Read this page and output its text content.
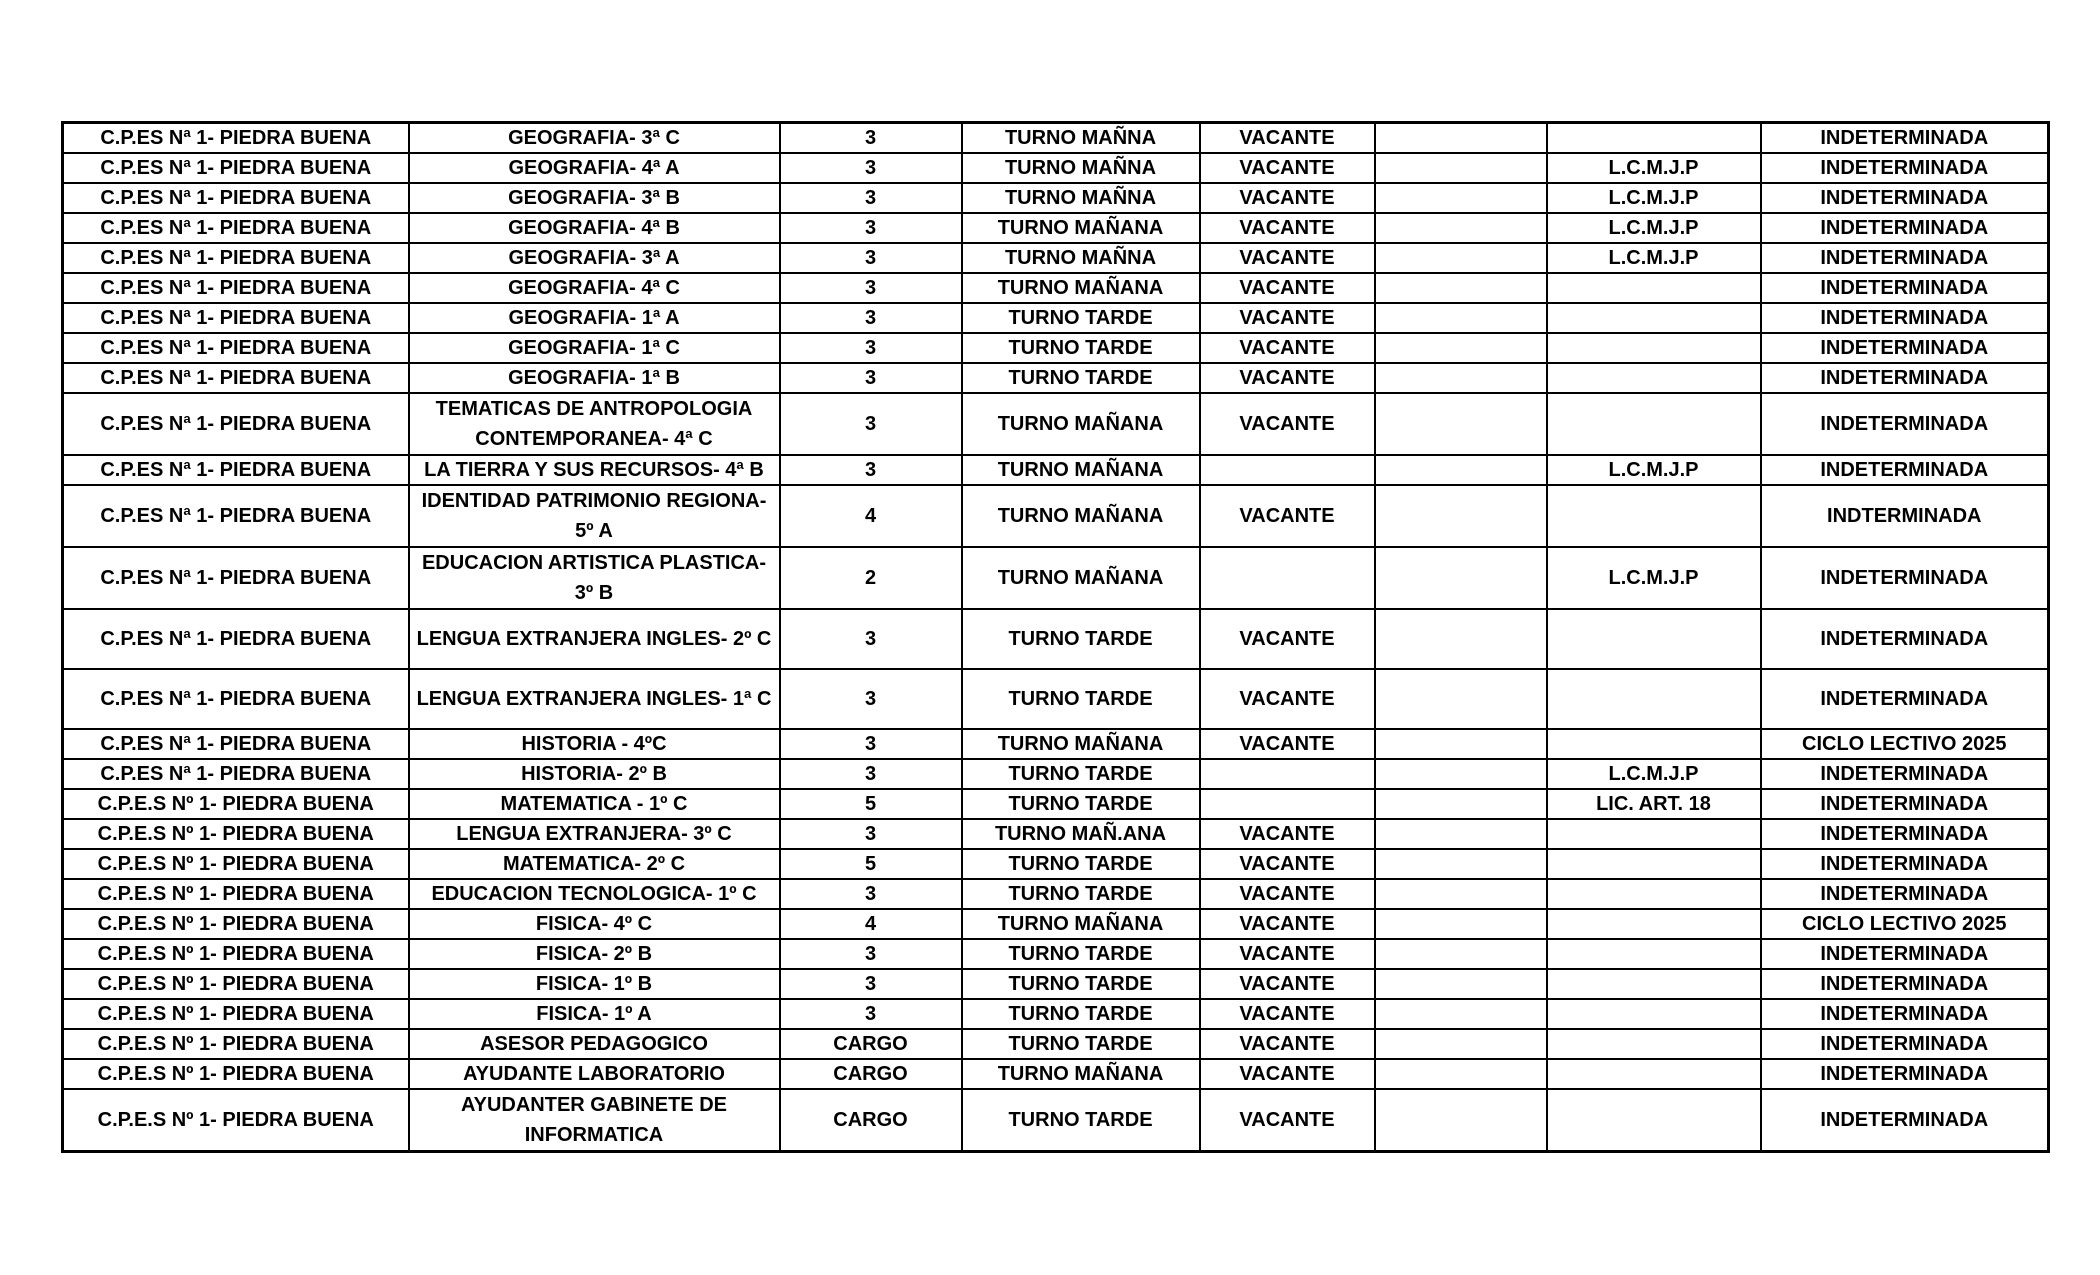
C.P.ES Nª 1- PIEDRA BUENA	GEOGRAFIA- 3ª C	3	TURNO MAÑNA	VACANTE			INDETERMINADA
C.P.ES Nª 1- PIEDRA BUENA	GEOGRAFIA- 4ª A	3	TURNO MAÑNA	VACANTE		L.C.M.J.P	INDETERMINADA
C.P.ES Nª 1- PIEDRA BUENA	GEOGRAFIA- 3ª B	3	TURNO MAÑNA	VACANTE		L.C.M.J.P	INDETERMINADA
C.P.ES Nª 1- PIEDRA BUENA	GEOGRAFIA- 4ª B	3	TURNO MAÑANA	VACANTE		L.C.M.J.P	INDETERMINADA
C.P.ES Nª 1- PIEDRA BUENA	GEOGRAFIA- 3ª A	3	TURNO MAÑNA	VACANTE		L.C.M.J.P	INDETERMINADA
C.P.ES Nª 1- PIEDRA BUENA	GEOGRAFIA- 4ª C	3	TURNO MAÑANA	VACANTE			INDETERMINADA
C.P.ES Nª 1- PIEDRA BUENA	GEOGRAFIA- 1ª A	3	TURNO TARDE	VACANTE			INDETERMINADA
C.P.ES Nª 1- PIEDRA BUENA	GEOGRAFIA- 1ª C	3	TURNO TARDE	VACANTE			INDETERMINADA
C.P.ES Nª 1- PIEDRA BUENA	GEOGRAFIA- 1ª B	3	TURNO TARDE	VACANTE			INDETERMINADA
C.P.ES Nª 1- PIEDRA BUENA	TEMATICAS DE ANTROPOLOGIA CONTEMPORANEA- 4ª C	3	TURNO MAÑANA	VACANTE			INDETERMINADA
C.P.ES Nª 1- PIEDRA BUENA	LA TIERRA Y SUS RECURSOS- 4ª B	3	TURNO MAÑANA			L.C.M.J.P	INDETERMINADA
C.P.ES Nª 1- PIEDRA BUENA	IDENTIDAD PATRIMONIO REGIONA- 5º A	4	TURNO MAÑANA	VACANTE			INDTERMINADA
C.P.ES Nª 1- PIEDRA BUENA	EDUCACION ARTISTICA PLASTICA- 3º B	2	TURNO MAÑANA			L.C.M.J.P	INDETERMINADA
C.P.ES Nª 1- PIEDRA BUENA	LENGUA EXTRANJERA INGLES- 2º C	3	TURNO TARDE	VACANTE			INDETERMINADA
C.P.ES Nª 1- PIEDRA BUENA	LENGUA EXTRANJERA INGLES- 1ª C	3	TURNO TARDE	VACANTE			INDETERMINADA
C.P.ES Nª 1- PIEDRA BUENA	HISTORIA - 4ºC	3	TURNO MAÑANA	VACANTE			CICLO LECTIVO 2025
C.P.ES Nª 1- PIEDRA BUENA	HISTORIA- 2º B	3	TURNO TARDE			L.C.M.J.P	INDETERMINADA
C.P.E.S Nº 1- PIEDRA BUENA	MATEMATICA - 1º C	5	TURNO TARDE			LIC. ART. 18	INDETERMINADA
C.P.E.S Nº 1- PIEDRA BUENA	LENGUA EXTRANJERA- 3º C	3	TURNO MAÑ.ANA	VACANTE			INDETERMINADA
C.P.E.S Nº 1- PIEDRA BUENA	MATEMATICA- 2º C	5	TURNO TARDE	VACANTE			INDETERMINADA
C.P.E.S Nº 1- PIEDRA BUENA	EDUCACION TECNOLOGICA- 1º C	3	TURNO TARDE	VACANTE			INDETERMINADA
C.P.E.S Nº 1- PIEDRA BUENA	FISICA- 4º C	4	TURNO MAÑANA	VACANTE			CICLO LECTIVO 2025
C.P.E.S Nº 1- PIEDRA BUENA	FISICA- 2º B	3	TURNO TARDE	VACANTE			INDETERMINADA
C.P.E.S Nº 1- PIEDRA BUENA	FISICA- 1º B	3	TURNO TARDE	VACANTE			INDETERMINADA
C.P.E.S Nº 1- PIEDRA BUENA	FISICA- 1º A	3	TURNO TARDE	VACANTE			INDETERMINADA
C.P.E.S Nº 1- PIEDRA BUENA	ASESOR PEDAGOGICO	CARGO	TURNO TARDE	VACANTE			INDETERMINADA
C.P.E.S Nº 1- PIEDRA BUENA	AYUDANTE LABORATORIO	CARGO	TURNO MAÑANA	VACANTE			INDETERMINADA
C.P.E.S Nº 1- PIEDRA BUENA	AYUDANTER GABINETE DE INFORMATICA	CARGO	TURNO TARDE	VACANTE			INDETERMINADA
